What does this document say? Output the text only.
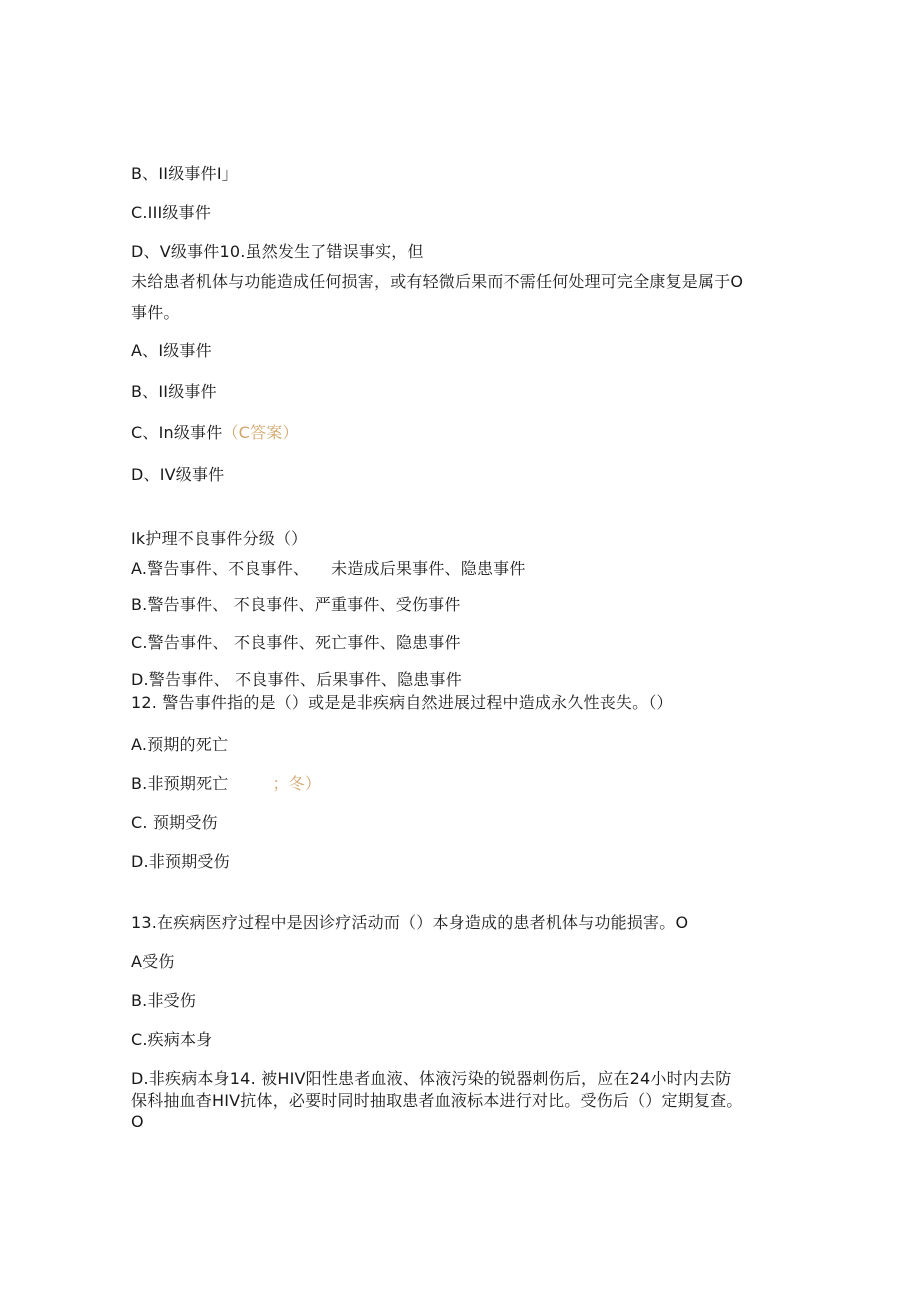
B、II级事件I」
C.III级事件
D、V级事件10.虽然发生了错误事实，但
未给患者机体与功能造成任何损害，或有轻微后果而不需任何处理可完全康复是属于O
事件。
A、I级事件
B、II级事件
C、In级事件（C答案）
D、IV级事件
Ik护理不良事件分级（）
A.警告事件、不良事件、 未造成后果事件、隐患事件
B.警告事件、 不良事件、严重事件、受伤事件
C.警告事件、 不良事件、死亡事件、隐患事件
D.警告事件、 不良事件、后果事件、隐患事件
12. 警告事件指的是（）或是是非疾病自然进展过程中造成永久性丧失。（）
A.预期的死亡
B.非预期死亡	；冬）
C. 预期受伤
D.非预期受伤
13.在疾病医疗过程中是因诊疗活动而（）本身造成的患者机体与功能损害。O
A受伤
B.非受伤
C.疾病本身
D.非疾病本身14. 被HIV阳性患者血液、体液污染的锐器刺伤后，应在24小时内去防
保科抽血杳HIV抗体，必要时同时抽取患者血液标本进行对比。受伤后（）定期复查。
O
